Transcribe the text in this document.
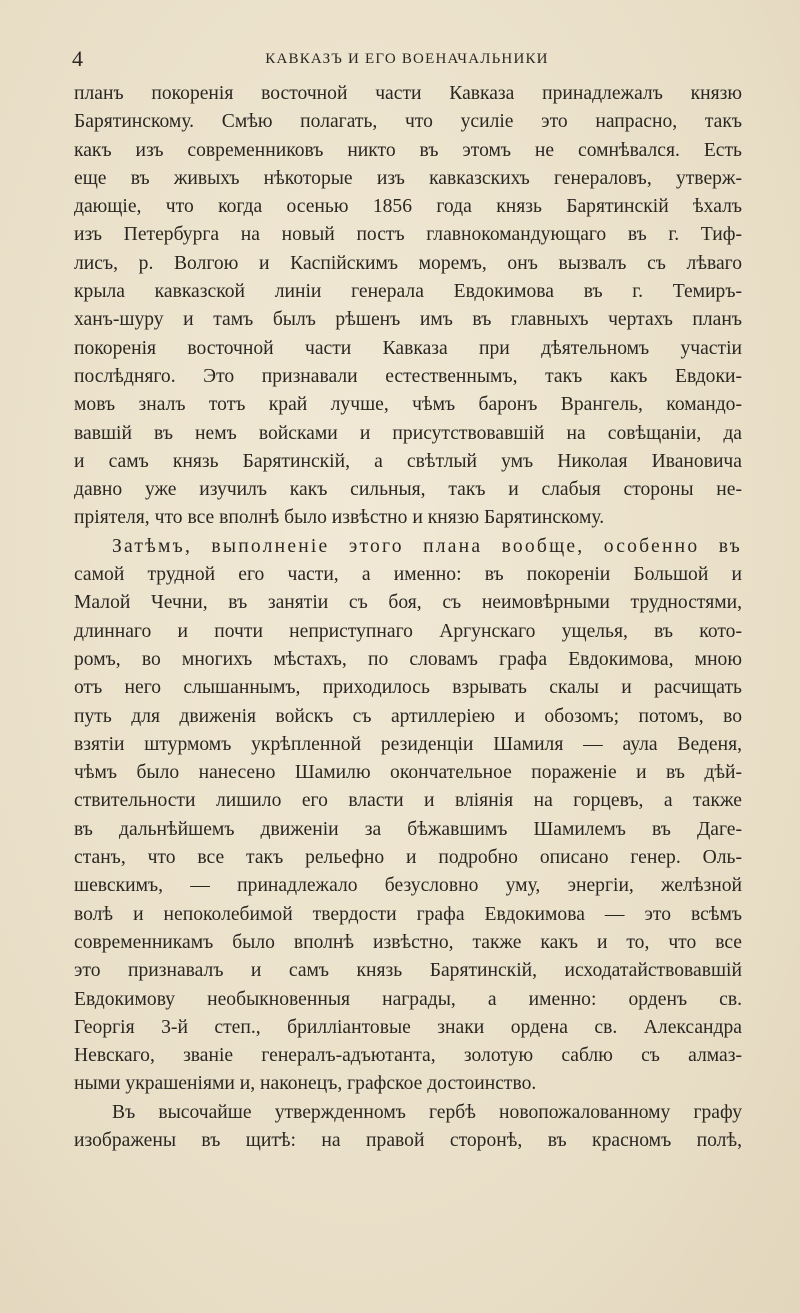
4	КАВКАЗЪ И ЕГО ВОЕНАЧАЛЬНИКИ
планъ покоренія восточной части Кавказа принадлежалъ князю
Барятинскому. Смѣю полагать, что усиліе это напрасно, такъ
какъ изъ современниковъ никто въ этомъ не сомнѣвался. Есть
еще въ живыхъ нѣкоторые изъ кавказскихъ генераловъ, утверж-
дающіе, что когда осенью 1856 года князь Барятинскій ѣхалъ
изъ Петербурга на новый постъ главнокомандующаго въ г. Тиф-
лисъ, р. Волгою и Каспійскимъ моремъ, онъ вызвалъ съ лѣваго
крыла кавказской линіи генерала Евдокимова въ г. Темиръ-
ханъ-шуру и тамъ былъ рѣшенъ имъ въ главныхъ чертахъ планъ
покоренія восточной части Кавказа при дѣятельномъ участіи
послѣдняго. Это признавали естественнымъ, такъ какъ Евдоки-
мовъ зналъ тотъ край лучше, чѣмъ баронъ Врангель, командо-
вавшій въ немъ войсками и присутствовавшій на совѣщаніи, да
и самъ князь Барятинскій, а свѣтлый умъ Николая Ивановича
давно уже изучилъ какъ сильныя, такъ и слабыя стороны не-
пріятеля, что все вполнѣ было извѣстно и князю Барятинскому.
Затѣмъ, выполненіе этого плана вообще, особенно въ
самой трудной его части, а именно: въ покореніи Большой и
Малой Чечни, въ занятіи съ боя, съ неимовѣрными трудностями,
длиннаго и почти неприступнаго Аргунскаго ущелья, въ кото-
ромъ, во многихъ мѣстахъ, по словамъ графа Евдокимова, мною
отъ него слышаннымъ, приходилось взрывать скалы и расчищать
путь для движенія войскъ съ артиллеріею и обозомъ; потомъ, во
взятіи штурмомъ укрѣпленной резиденціи Шамиля — аула Веденя,
чѣмъ было нанесено Шамилю окончательное пораженіе и въ дѣй-
ствительности лишило его власти и вліянія на горцевъ, а также
въ дальнѣйшемъ движеніи за бѣжавшимъ Шамилемъ въ Даге-
станъ, что все такъ рельефно и подробно описано генер. Оль-
шевскимъ, — принадлежало безусловно уму, энергіи, желѣзной
волѣ и непоколебимой твердости графа Евдокимова — это всѣмъ
современникамъ было вполнѣ извѣстно, также какъ и то, что все
это признавалъ и самъ князь Барятинскій, исходатайствовавшій
Евдокимову необыкновенныя награды, а именно: орденъ св.
Георгія 3-й степ., брилліантовые знаки ордена св. Александра
Невскаго, званіе генералъ-адъютанта, золотую саблю съ алмаз-
ными украшеніями и, наконецъ, графское достоинство.
Въ высочайше утвержденномъ гербѣ новопожалованному графу
изображены въ щитѣ: на правой сторонѣ, въ красномъ полѣ,
